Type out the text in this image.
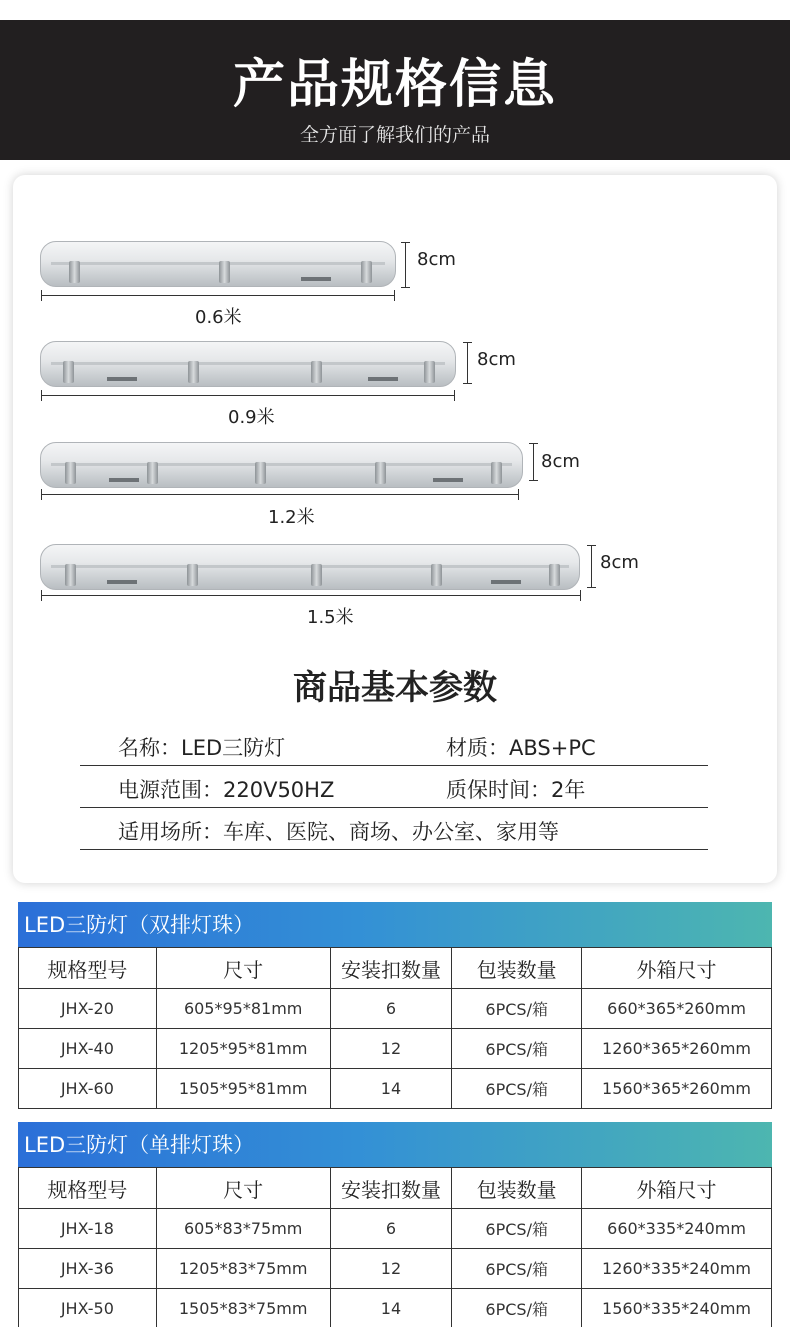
产品规格信息
全方面了解我们的产品
8cm
0.6米
8cm
0.9米
8cm
1.2米
8cm
1.5米
商品基本参数
名称：LED三防灯	材质：ABS+PC
电源范围：220V50HZ	质保时间：2年
适用场所：车库、医院、商场、办公室、家用等
LED三防灯（双排灯珠）
规格型号	尺寸	安装扣数量	包装数量	外箱尺寸
JHX-20	605*95*81mm	6	6PCS/箱	660*365*260mm
JHX-40	1205*95*81mm	12	6PCS/箱	1260*365*260mm
JHX-60	1505*95*81mm	14	6PCS/箱	1560*365*260mm
LED三防灯（单排灯珠）
规格型号	尺寸	安装扣数量	包装数量	外箱尺寸
JHX-18	605*83*75mm	6	6PCS/箱	660*335*240mm
JHX-36	1205*83*75mm	12	6PCS/箱	1260*335*240mm
JHX-50	1505*83*75mm	14	6PCS/箱	1560*335*240mm
